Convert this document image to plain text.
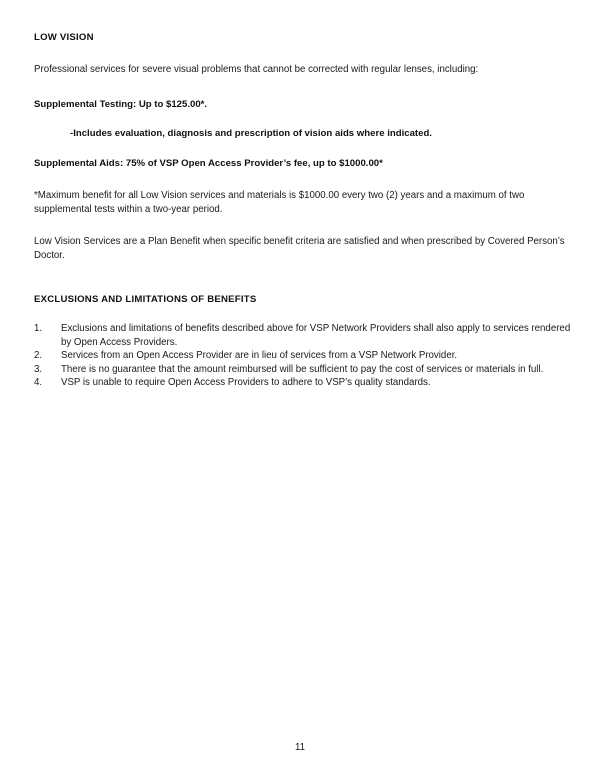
LOW VISION

Professional services for severe visual problems that cannot be corrected with regular lenses, including:

Supplemental Testing: Up to $125.00*.

-Includes evaluation, diagnosis and prescription of vision aids where indicated.

Supplemental Aids: 75% of VSP Open Access Provider’s fee, up to $1000.00*

*Maximum benefit for all Low Vision services and materials is $1000.00 every two (2) years and a maximum of two supplemental tests within a two-year period.

Low Vision Services are a Plan Benefit when specific benefit criteria are satisfied and when prescribed by Covered Person’s Doctor.

EXCLUSIONS AND LIMITATIONS OF BENEFITS
1.	Exclusions and limitations of benefits described above for VSP Network Providers shall also apply to services rendered by Open Access Providers.
2.	Services from an Open Access Provider are in lieu of services from a VSP Network Provider.
3.	There is no guarantee that the amount reimbursed will be sufficient to pay the cost of services or materials in full.
4.	VSP is unable to require Open Access Providers to adhere to VSP’s quality standards.
11
